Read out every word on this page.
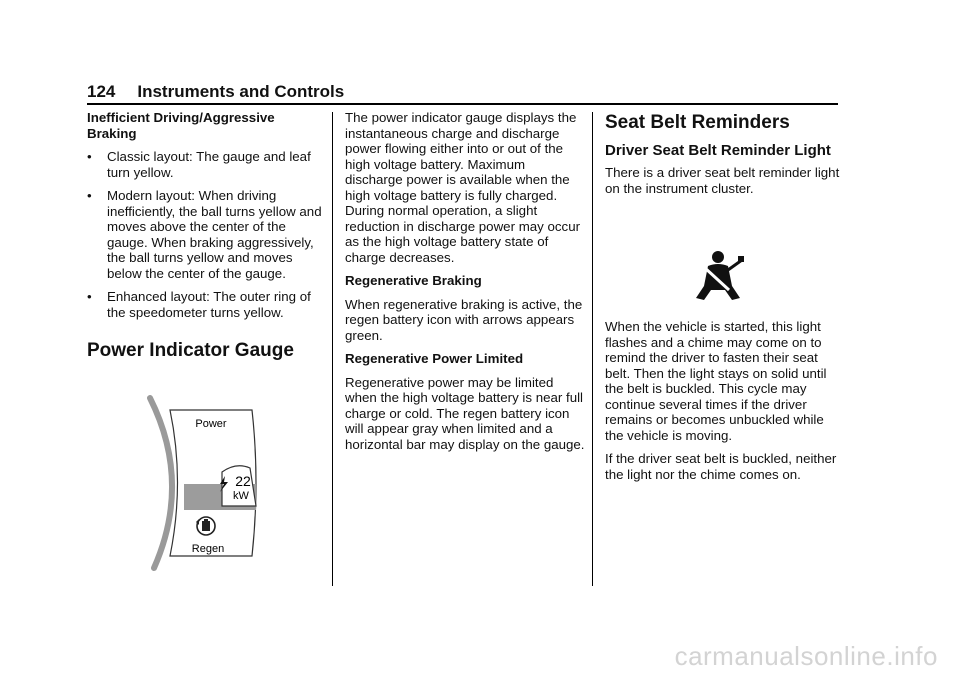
124 Instruments and Controls

Inefficient Driving/Aggressive Braking

•	Classic layout: The gauge and leaf turn yellow.
•	Modern layout: When driving inefficiently, the ball turns yellow and moves above the center of the gauge. When braking aggressively, the ball turns yellow and moves below the center of the gauge.
•	Enhanced layout: The outer ring of the speedometer turns yellow.
Power Indicator Gauge
Power
22
kW
Regen

The power indicator gauge displays the instantaneous charge and discharge power flowing either into or out of the high voltage battery. Maximum discharge power is available when the high voltage battery is fully charged. During normal operation, a slight reduction in discharge power may occur as the high voltage battery state of charge decreases.

Regenerative Braking

When regenerative braking is active, the regen battery icon with arrows appears green.

Regenerative Power Limited

Regenerative power may be limited when the high voltage battery is near full charge or cold. The regen battery icon will appear gray when limited and a horizontal bar may display on the gauge.

Seat Belt Reminders
Driver Seat Belt Reminder Light

There is a driver seat belt reminder light on the instrument cluster.

When the vehicle is started, this light flashes and a chime may come on to remind the driver to fasten their seat belt. Then the light stays on solid until the belt is buckled. This cycle may continue several times if the driver remains or becomes unbuckled while the vehicle is moving.

If the driver seat belt is buckled, neither the light nor the chime comes on.

carmanualsonline.info
